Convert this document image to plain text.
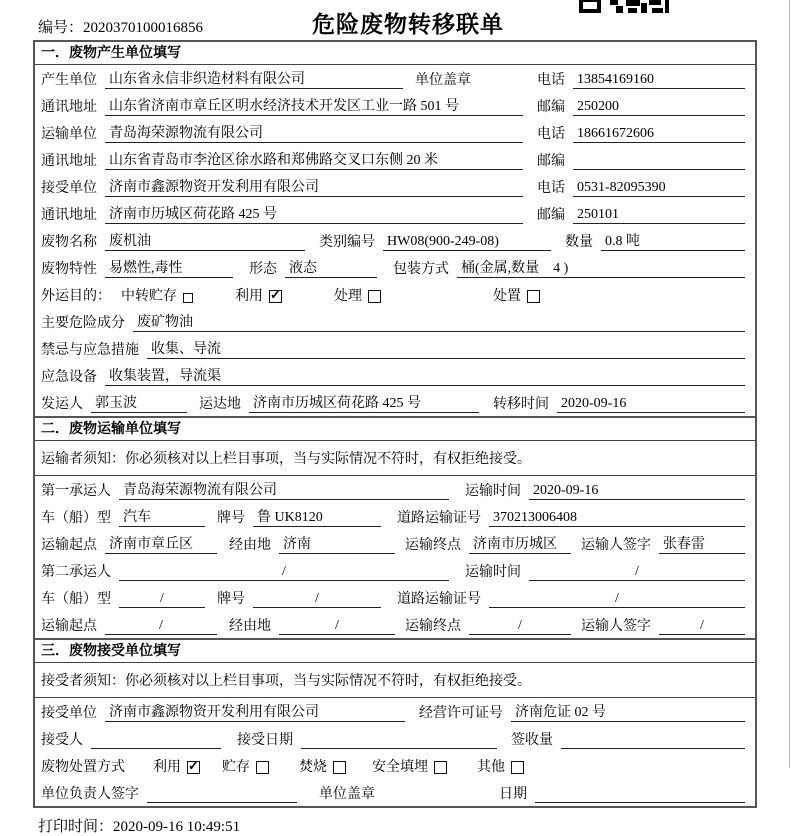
编号：2020370100016856	危险废物转移联单
一．废物产生单位填写
产生单位 山东省永信非织造材料有限公司	单位盖章	电话 13854169160
通讯地址 山东省济南市章丘区明水经济技术开发区工业一路 501 号	邮编 250200
运输单位 青岛海荣源物流有限公司	电话 18661672606
通讯地址 山东省青岛市李沧区徐水路和郑佛路交叉口东侧 20 米	邮编
接受单位 济南市鑫源物资开发利用有限公司	电话 0531-82095390
通讯地址 济南市历城区荷花路 425 号	邮编 250101
废物名称 废机油	类别编号 HW08(900-249-08)	数量 0.8 吨
废物特性 易燃性,毒性	形态 液态	包装方式 桶(金属,数量　4 )
外运目的： 中转贮存	利用 ✓	处理	处置
主要危险成分 废矿物油
禁忌与应急措施 收集、导流
应急设备 收集装置，导流渠
发运人 郭玉波	运达地 济南市历城区荷花路 425 号	转移时间 2020-09-16
二．废物运输单位填写
运输者须知：你必须核对以上栏目事项，当与实际情况不符时，有权拒绝接受。
第一承运人 青岛海荣源物流有限公司	运输时间 2020-09-16
车（船）型 汽车	牌号 鲁 UK8120	道路运输证号 370213006408
运输起点 济南市章丘区	经由地 济南	运输终点 济南市历城区	运输人签字 张春雷
第二承运人	/	运输时间	/
车（船）型	/	牌号	/	道路运输证号	/
运输起点	/	经由地	/	运输终点	/	运输人签字	/
三．废物接受单位填写
接受者须知：你必须核对以上栏目事项，当与实际情况不符时，有权拒绝接受。
接受单位 济南市鑫源物资开发利用有限公司	经营许可证号 济南危证 02 号
接受人	接受日期	签收量
废物处置方式 利用 ✓	贮存	焚烧	安全填埋	其他
单位负责人签字	单位盖章	日期
打印时间：2020-09-16 10:49:51
